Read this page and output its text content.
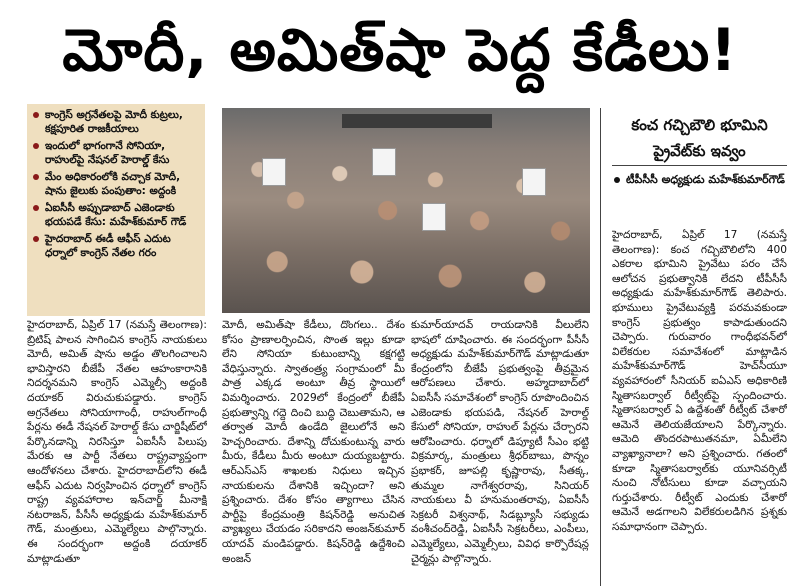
మోదీ, అమిత్‌షా పెద్ద కేడీలు!
కాంగ్రెస్ అగ్రనేతలపై మోదీ కుట్రలు, కక్షపూరిత రాజకీయాలు
ఇందులో భాగంగానే సోనియా, రాహుల్‌పై నేషనల్ హెరాల్డ్ కేసు
మేం అధికారంలోకి వచ్చాక మోదీ, షాను జైలుకు పంపుతాం: అద్దంకి
ఏఐసీసీ అప్పుడాబాద్ ఎజెండాకు భయపడే కేసు: మహేశ్‌కుమార్ గౌడ్
హైదరాబాద్ ఈడీ ఆఫీస్ ఎదుట ధర్నాలో కాంగ్రెస్ నేతల గరం
కంచ గచ్చిబౌలి భూమిని ప్రైవేట్‌కు ఇవ్వం
టీపీసీసీ అధ్యక్షుడు మహేశ్‌కుమార్‌గౌడ్
హైదరాబాద్, ఏప్రిల్ 17 (నమస్తే తెలంగాణ): బ్రిటిష్ పాలన సాగించిన కాంగ్రెస్ నాయకులు మోదీ, అమిత్ షాను అడ్డం తొలగించాలని భావిస్తారని బీజేపీ నేతల ఆహంకారానికి నిదర్శనమని కాంగ్రెస్ ఎమ్మెల్సీ అద్దంకి దయాకర్ విరుచుకుపడ్డారు. కాంగ్రెస్ అగ్రనేతలు సోనియాగాంధీ, రాహుల్‌గాంధీ పేర్లను ఈడీ నేషనల్ హెరాల్డ్ కేసు చార్జిషీట్‌లో పేర్కొనడాన్ని నిరసిస్తూ ఏఐసీసీ పిలుపు మేరకు ఆ పార్టీ నేతలు రాష్ట్రవ్యాప్తంగా ఆందోళనలు చేశారు. హైదరాబాద్‌లోని ఈడీ ఆఫీస్ ఎదుట నిర్వహించిన ధర్నాలో కాంగ్రెస్ రాష్ట్ర వ్యవహారాల ఇన్‌చార్జ్ మీనాక్షి నటరాజన్, పీసీసీ అధ్యక్షుడు మహేశ్‌కుమార్ గౌడ్, మంత్రులు, ఎమ్మెల్యేలు పాల్గొన్నారు. ఈ సందర్భంగా అద్దంకి దయాకర్ మాట్లాడుతూ
మోదీ, అమిత్‌షా కేడీలు, దొంగలు.. దేశం కోసం ప్రాణాలర్పించిన, సొంత ఇల్లు కూడా లేని సోనియా కుటుంబాన్ని కక్షగట్టి వేధిస్తున్నారు. స్వాతంత్ర్య సంగ్రామంలో మీ పాత్ర ఎక్కడ అంటూ తీవ్ర స్థాయిలో విమర్శించారు. 2029లో కేంద్రంలో బీజేపీ ప్రభుత్వాన్ని గద్దె దించి బుద్ధి చెబుతామని, ఆ తర్వాత మోదీ ఉండేది జైలులోనే అని హెచ్చరించారు. దేశాన్ని దోచుకుంటున్న వారు మీరు, కేడీలు మీరు అంటూ దుయ్యబట్టారు. ఆర్‌ఎస్‌ఎస్ శాఖలకు నిధులు ఇచ్చిన నాయకులను దేశానికి ఇచ్చిందా? అని ప్రశ్నించారు. దేశం కోసం త్యాగాలు చేసిన పార్టీపై కేంద్రమంత్రి కిషన్‌రెడ్డి అనుచిత వ్యాఖ్యలు చేయడం సరికాదని అంజన్‌కుమార్ యాదవ్ మండిపడ్డారు. కిషన్‌రెడ్డి ఉద్దేశించి అంజన్
కుమార్‌యాదవ్ రాయడానికి వీలులేని భాషలో దూషించారు. ఈ సందర్భంగా పీసీసీ అధ్యక్షుడు మహేశ్‌కుమార్‌గౌడ్ మాట్లాడుతూ కేంద్రంలోని బీజేపీ ప్రభుత్వంపై తీవ్రమైన ఆరోపణలు చేశారు. అహ్మదాబాద్‌లో ఏఐసీసీ సమావేశంలో కాంగ్రెస్ రూపొందించిన ఎజెండాకు భయపడి, నేషనల్ హెరాల్డ్ కేసులో సోనియా, రాహుల్ పేర్లను చేర్చారని ఆరోపించారు. ధర్నాలో డిప్యూటీ సీఎం భట్టి విక్రమార్క, మంత్రులు శ్రీధర్‌బాబు, పొన్నం ప్రభాకర్, జూపల్లి కృష్ణారావు, సీతక్క, తుమ్మల నాగేశ్వరరావు, సినియర్ నాయకులు వీ హనుమంతరావు, ఏఐసీసీ సెక్రటరీ విశ్వనాథ్, సిడబ్ల్యూసీ సభ్యుడు వంశీచంద్‌రెడ్డి, ఏఐసీసీ సెక్రటరీలు, ఎంపీలు, ఎమ్మెల్యేలు, ఎమ్మెల్సీలు, వివిధ కార్పొరేషన్ల చైర్మన్లు పాల్గొన్నారు.
హైదరాబాద్, ఏప్రిల్ 17 (నమస్తే తెలంగాణ): కంచ గచ్చిబౌలిలోని 400 ఎకరాల భూమిని ప్రైవేటు పరం చేసే ఆలోచన ప్రభుత్వానికి లేదని టీపీసీసీ అధ్యక్షుడు మహేశ్‌కుమార్‌గౌడ్ తెలిపారు. భూములు ప్రైవేటువ్యక్తి పరమవకుండా కాంగ్రెస్ ప్రభుత్వం కాపాడుతుందని చెప్పారు. గురువారం గాంధీభవన్‌లో విలేకరుల సమావేశంలో మాట్లాడిన మహేశ్‌కుమార్‌గౌడ్ హెచ్‌సీయూ వ్యవహారంలో సీనియర్ ఐఏఎస్ అధికారిణి స్మితాసబర్వాల్ రీట్వీట్‌పై స్పందించారు. స్మితాసబర్వాల్ ఏ ఉద్దేశంతో రీట్వీట్ చేశారో ఆమెనే తెలియజేయాలని పేర్కొన్నారు. ఆమెది తొందరపాటుతనమా, ఏమీలేని వ్యాఖ్యానాలా? అని ప్రశ్నించారు. గతంలో కూడా స్మితాసబర్వాల్‌కు యూనివర్సిటీ నుంచి నోటీసులు కూడా వచ్చాయని గుర్తుచేశారు. రీట్వీట్ ఎందుకు చేశారో ఆమెనే అడగాలని విలేకరులడిగిన ప్రశ్నకు సమాధానంగా చెప్పారు.
